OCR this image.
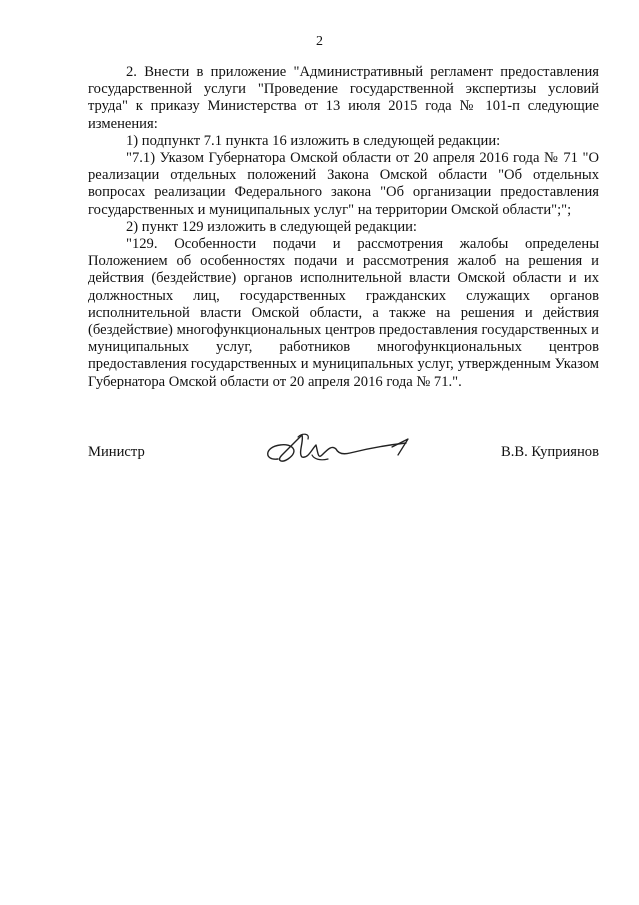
2

2. Внести в приложение "Административный регламент предоставления государственной услуги "Проведение государственной экспертизы условий труда" к приказу Министерства от 13 июля 2015 года № 101-п следующие изменения:

1) подпункт 7.1 пункта 16 изложить в следующей редакции:

"7.1) Указом Губернатора Омской области от 20 апреля 2016 года № 71 "О реализации отдельных положений Закона Омской области "Об отдельных вопросах реализации Федерального закона "Об организации предоставления государственных и муниципальных услуг" на территории Омской области";";

2) пункт 129 изложить в следующей редакции:

"129. Особенности подачи и рассмотрения жалобы определены Положением об особенностях подачи и рассмотрения жалоб на решения и действия (бездействие) органов исполнительной власти Омской области и их должностных лиц, государственных гражданских служащих органов исполнительной власти Омской области, а также на решения и действия (бездействие) многофункциональных центров предоставления государственных и муниципальных услуг, работников многофункциональных центров предоставления государственных и муниципальных услуг, утвержденным Указом Губернатора Омской области от 20 апреля 2016 года № 71.".

Министр	В.В. Куприянов
